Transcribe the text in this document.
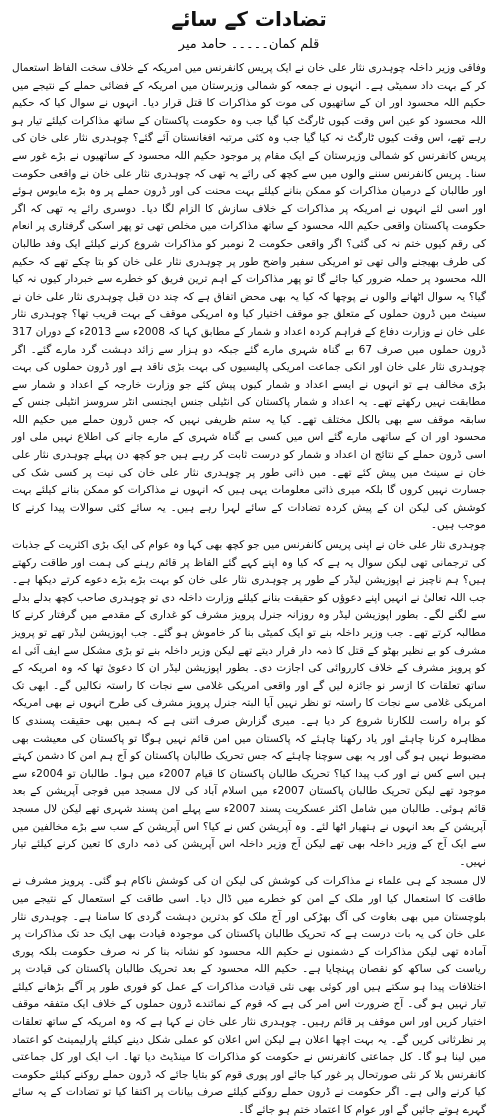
تضادات کے سائے
قلم کمان۔۔۔۔۔ حامد میر

وفاقی وزیر داخلہ چوہدری نثار علی خان نے ایک پریس کانفرنس میں امریکہ کے خلاف سخت الفاظ استعمال کر کے بہت داد سمیٹی ہے۔ انہوں نے جمعہ کو شمالی وزیرستان میں امریکہ کے فضائی حملے کے نتیجے میں حکیم اللہ محسود اور ان کے ساتھیوں کی موت کو مذاکرات کا قتل قرار دیا۔ انہوں نے سوال کیا کہ حکیم اللہ محسود کو عین اس وقت کیوں ٹارگٹ کیا گیا جب وہ حکومت پاکستان کے ساتھ مذاکرات کیلئے تیار ہو رہے تھے، اس وقت کیوں ٹارگٹ نہ کیا گیا جب وہ کئی مرتبہ افغانستان آئے گئے؟ چوہدری نثار علی خان کی پریس کانفرنس کو شمالی وزیرستان کے ایک مقام پر موجود حکیم اللہ محسود کے ساتھیوں نے بڑے غور سے سنا۔ پریس کانفرنس سننے والوں میں سے کچھ کی رائے یہ تھی کہ چوہدری نثار علی خان نے واقعی حکومت اور طالبان کے درمیان مذاکرات کو ممکن بنانے کیلئے بہت محنت کی اور ڈرون حملے پر وہ بڑے مایوس ہوئے اور اسی لئے انہوں نے امریکہ پر مذاکرات کے خلاف سازش کا الزام لگا دیا۔ دوسری رائے یہ تھی کہ اگر حکومت پاکستان واقعی حکیم اللہ محسود کے ساتھ مذاکرات میں مخلص تھی تو پھر اسکی گرفتاری پر انعام کی رقم کیوں ختم نہ کی گئی؟ اگر واقعی حکومت 2 نومبر کو مذاکرات شروع کرنے کیلئے ایک وفد طالبان کی طرف بھیجنے والی تھی تو امریکی سفیر واضح طور پر چوہدری نثار علی خان کو بتا چکے تھے کہ حکیم اللہ محسود پر حملہ ضرور کیا جائے گا تو پھر مذاکرات کے اہم ترین فریق کو خطرے سے خبردار کیوں نہ کیا گیا؟ یہ سوال اٹھانے والوں نے پوچھا کہ کیا یہ بھی محض اتفاق ہے کہ چند دن قبل چوہدری نثار علی خان نے سینٹ میں ڈرون حملوں کے متعلق جو موقف اختیار کیا وہ امریکی موقف کے بہت قریب تھا؟ چوہدری نثار علی خان نے وزارت دفاع کے فراہم کردہ اعداد و شمار کے مطابق کہا کہ 2008ء سے 2013ء کے دوران 317 ڈرون حملوں میں صرف 67 بے گناہ شہری مارے گئے جبکہ دو ہزار سے زائد دہشت گرد مارے گئے۔ اگر چوہدری نثار علی خان اور انکی جماعت امریکی پالیسیوں کی بہت بڑی ناقد ہے اور ڈرون حملوں کی بہت بڑی مخالف ہے تو انہوں نے ایسے اعداد و شمار کیوں پیش کئے جو وزارت خارجہ کے اعداد و شمار سے مطابقت نہیں رکھتے تھے۔ یہ اعداد و شمار پاکستان کی انٹیلی جنس ایجنسی انٹر سروسز انٹیلی جنس کے سابقہ موقف سے بھی بالکل مختلف تھے۔ کیا یہ ستم ظریفی نہیں کہ جس ڈرون حملے میں حکیم اللہ محسود اور ان کے ساتھی مارے گئے اس میں کسی بے گناہ شہری کے مارے جانے کی اطلاع نہیں ملی اور اسی ڈرون حملے کے نتائج ان اعداد و شمار کو درست ثابت کر رہے ہیں جو کچھ دن پہلے چوہدری نثار علی خان نے سینٹ میں پیش کئے تھے۔ میں ذاتی طور پر چوہدری نثار علی خان کی نیت پر کسی شک کی جسارت نہیں کروں گا بلکہ میری ذاتی معلومات یہی ہیں کہ انہوں نے مذاکرات کو ممکن بنانے کیلئے بہت کوشش کی لیکن ان کے پیش کردہ تضادات کے سائے لہرا رہے ہیں۔ یہ سائے کئی سوالات پیدا کرنے کا موجب ہیں۔

چوہدری نثار علی خان نے اپنی پریس کانفرنس میں جو کچھ بھی کہا وہ عوام کی ایک بڑی اکثریت کے جذبات کی ترجمانی تھی لیکن سوال یہ ہے کہ کیا وہ اپنے کہے گئے الفاظ پر قائم رہنے کی ہمت اور طاقت رکھتے ہیں؟ ہم ناچیز نے اپوزیشن لیڈر کے طور پر چوہدری نثار علی خان کو بہت بڑے بڑے دعوے کرتے دیکھا ہے۔ جب اللہ تعالیٰ نے انہیں اپنے دعوؤں کو حقیقت بنانے کیلئے وزارت داخلہ دی تو چوہدری صاحب کچھ بدلے بدلے سے لگنے لگے۔ بطور اپوزیشن لیڈر وہ روزانہ جنرل پرویز مشرف کو غداری کے مقدمے میں گرفتار کرنے کا مطالبہ کرتے تھے۔ جب وزیر داخلہ بنے تو ایک کمیٹی بنا کر خاموش ہو گئے۔ جب اپوزیشن لیڈر تھے تو پرویز مشرف کو بے نظیر بھٹو کے قتل کا ذمہ دار قرار دیتے تھے لیکن وزیر داخلہ بنے تو بڑی مشکل سے ایف آئی اے کو پرویز مشرف کے خلاف کارروائی کی اجازت دی۔ بطور اپوزیشن لیڈر ان کا دعویٰ تھا کہ وہ امریکہ کے ساتھ تعلقات کا ازسر نو جائزہ لیں گے اور واقعی امریکی غلامی سے نجات کا راستہ نکالیں گے۔ ابھی تک امریکی غلامی سے نجات کا راستہ تو نظر نہیں آیا البتہ جنرل پرویز مشرف کی طرح انہوں نے بھی امریکہ کو براہ راست للکارنا شروع کر دیا ہے۔ میری گزارش صرف اتنی ہے کہ ہمیں بھی حقیقت پسندی کا مظاہرہ کرنا چاہئے اور یاد رکھنا چاہئے کہ پاکستان میں امن قائم نہیں ہوگا تو پاکستان کی معیشت بھی مضبوط نہیں ہو گی اور یہ بھی سوچنا چاہئے کہ جس تحریک طالبان پاکستان کو آج ہم امن کا دشمن کہتے ہیں اسے کس نے اور کب پیدا کیا؟ تحریک طالبان پاکستان کا قیام 2007ء میں ہوا۔ طالبان تو 2004ء سے موجود تھے لیکن تحریک طالبان پاکستان 2007ء میں اسلام آباد کی لال مسجد میں فوجی آپریشن کے بعد قائم ہوئی۔ طالبان میں شامل اکثر عسکریت پسند 2007ء سے پہلے امن پسند شہری تھے لیکن لال مسجد آپریشن کے بعد انہوں نے ہتھیار اٹھا لئے۔ وہ آپریشن کس نے کیا؟ اس آپریشن کے سب سے بڑے مخالفین میں سے ایک آج کے وزیر داخلہ بھی تھے لیکن آج وزیر داخلہ اس آپریشن کی ذمہ داری کا تعین کرنے کیلئے تیار نہیں۔

لال مسجد کے ہی علماء نے مذاکرات کی کوشش کی لیکن ان کی کوشش ناکام ہو گئی۔ پرویز مشرف نے طاقت کا استعمال کیا اور ملک کے امن کو خطرے میں ڈال دیا۔ اسی طاقت کے استعمال کے نتیجے میں بلوچستان میں بھی بغاوت کی آگ بھڑکی اور آج ملک کو بدترین دہشت گردی کا سامنا ہے۔ چوہدری نثار علی خان کی یہ بات درست ہے کہ تحریک طالبان پاکستان کی موجودہ قیادت بھی ایک حد تک مذاکرات پر آمادہ تھی لیکن مذاکرات کے دشمنوں نے حکیم اللہ محسود کو نشانہ بنا کر نہ صرف حکومت بلکہ پوری ریاست کی ساکھ کو نقصان پہنچایا ہے۔ حکیم اللہ محسود کے بعد تحریک طالبان پاکستان کی قیادت پر اختلافات پیدا ہو سکتے ہیں اور کوئی بھی نئی قیادت مذاکرات کے عمل کو فوری طور پر آگے بڑھانے کیلئے تیار نہیں ہو گی۔ آج ضرورت اس امر کی ہے کہ قوم کے نمائندے ڈرون حملوں کے خلاف ایک متفقہ موقف اختیار کریں اور اس موقف پر قائم رہیں۔ چوہدری نثار علی خان نے کہا ہے کہ وہ امریکہ کے ساتھ تعلقات پر نظرثانی کریں گے۔ یہ بہت اچھا اعلان ہے لیکن اس اعلان کو عملی شکل دینے کیلئے پارلیمینٹ کو اعتماد میں لینا ہو گا۔ کل جماعتی کانفرنس نے حکومت کو مذاکرات کا مینڈیٹ دیا تھا۔ اب ایک اور کل جماعتی کانفرنس بلا کر نئی صورتحال پر غور کیا جائے اور پوری قوم کو بتایا جائے کہ ڈرون حملے روکنے کیلئے حکومت کیا کرنے والی ہے۔ اگر حکومت نے ڈرون حملے روکنے کیلئے صرف بیانات پر اکتفا کیا تو تضادات کے یہ سائے گہرے ہوتے جائیں گے اور عوام کا اعتماد ختم ہو جائے گا۔
